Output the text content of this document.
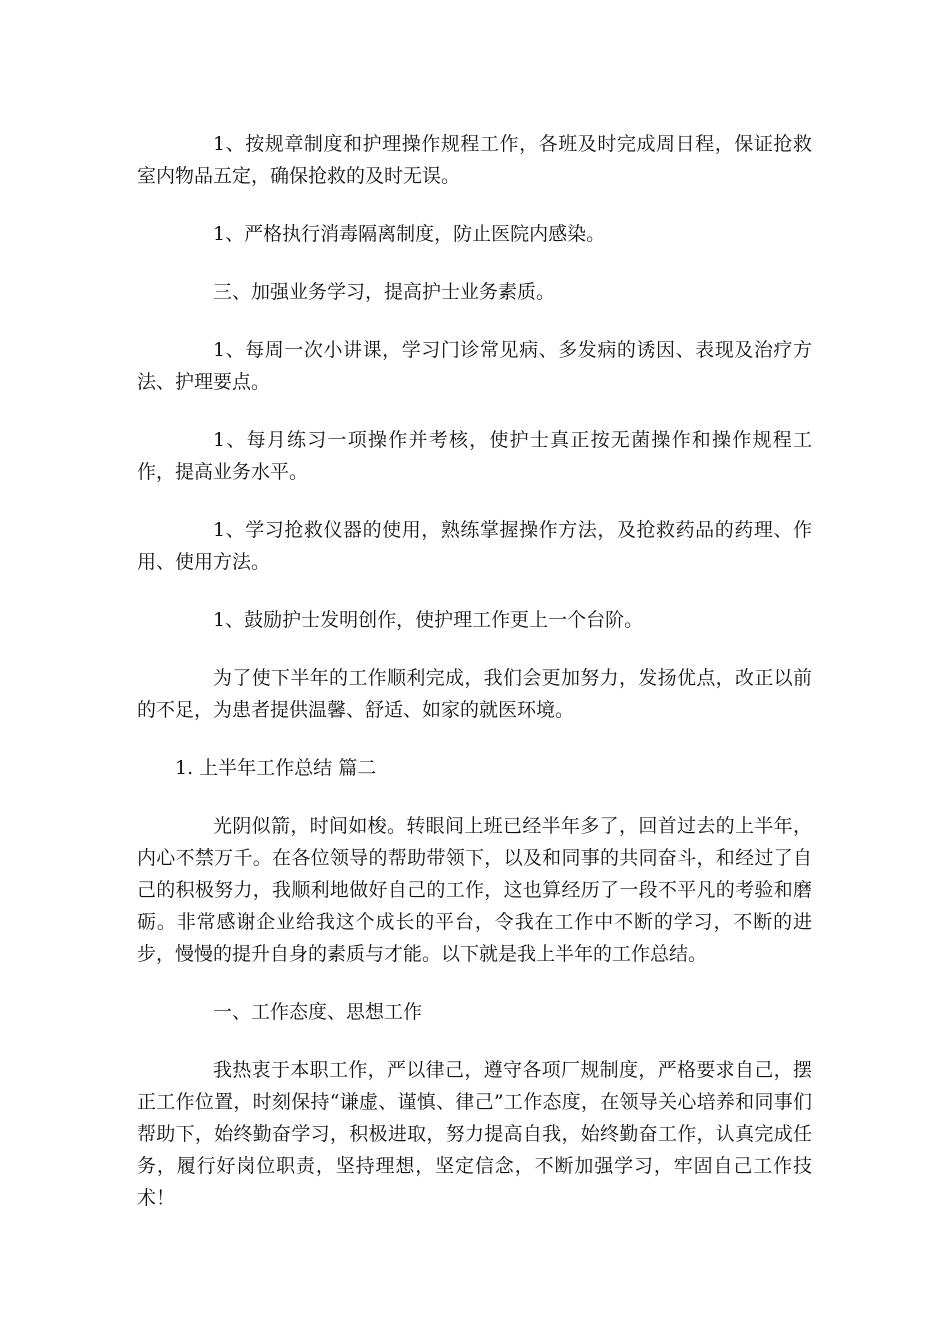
1、按规章制度和护理操作规程工作，各班及时完成周日程，保证抢救室内物品五定，确保抢救的及时无误。

1、严格执行消毒隔离制度，防止医院内感染。

三、加强业务学习，提高护士业务素质。

1、每周一次小讲课，学习门诊常见病、多发病的诱因、表现及治疗方法、护理要点。

1、每月练习一项操作并考核，使护士真正按无菌操作和操作规程工作，提高业务水平。

1、学习抢救仪器的使用，熟练掌握操作方法，及抢救药品的药理、作用、使用方法。

1、鼓励护士发明创作，使护理工作更上一个台阶。

为了使下半年的工作顺利完成，我们会更加努力，发扬优点，改正以前的不足，为患者提供温馨、舒适、如家的就医环境。

1. 上半年工作总结 篇二

光阴似箭，时间如梭。转眼间上班已经半年多了，回首过去的上半年，内心不禁万千。在各位领导的帮助带领下，以及和同事的共同奋斗，和经过了自己的积极努力，我顺利地做好自己的工作，这也算经历了一段不平凡的考验和磨砺。非常感谢企业给我这个成长的平台，令我在工作中不断的学习，不断的进步，慢慢的提升自身的素质与才能。以下就是我上半年的工作总结。

一、工作态度、思想工作

我热衷于本职工作，严以律己，遵守各项厂规制度，严格要求自己，摆正工作位置，时刻保持“谦虚、谨慎、律己”工作态度，在领导关心培养和同事们帮助下，始终勤奋学习，积极进取，努力提高自我，始终勤奋工作，认真完成任务，履行好岗位职责，坚持理想，坚定信念，不断加强学习，牢固自己工作技术！
